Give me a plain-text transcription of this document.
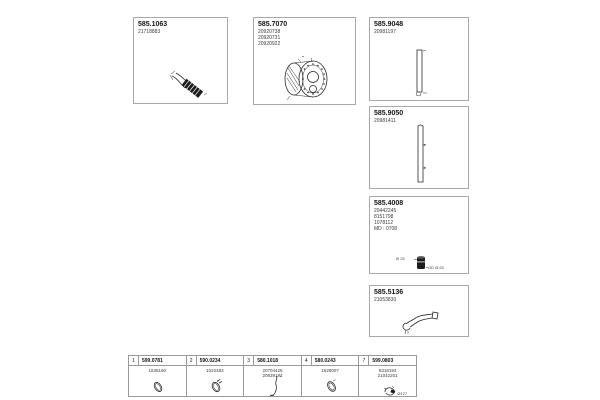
585.1063
21718883
585.7070
20920738
20920731
20920922
585.9048
20981197
585.9050
20981411
585.4008
20442245
8151798
1078112
MD : 0708
Ø 25
OD Ø 63
585.5136
21053830
1	599.0781
1635160
2	590.0234
1022483
3	580.1018
20704425
20939174
4	580.0243
1629007
7	599.0803
8318193
21042201
Ø127
